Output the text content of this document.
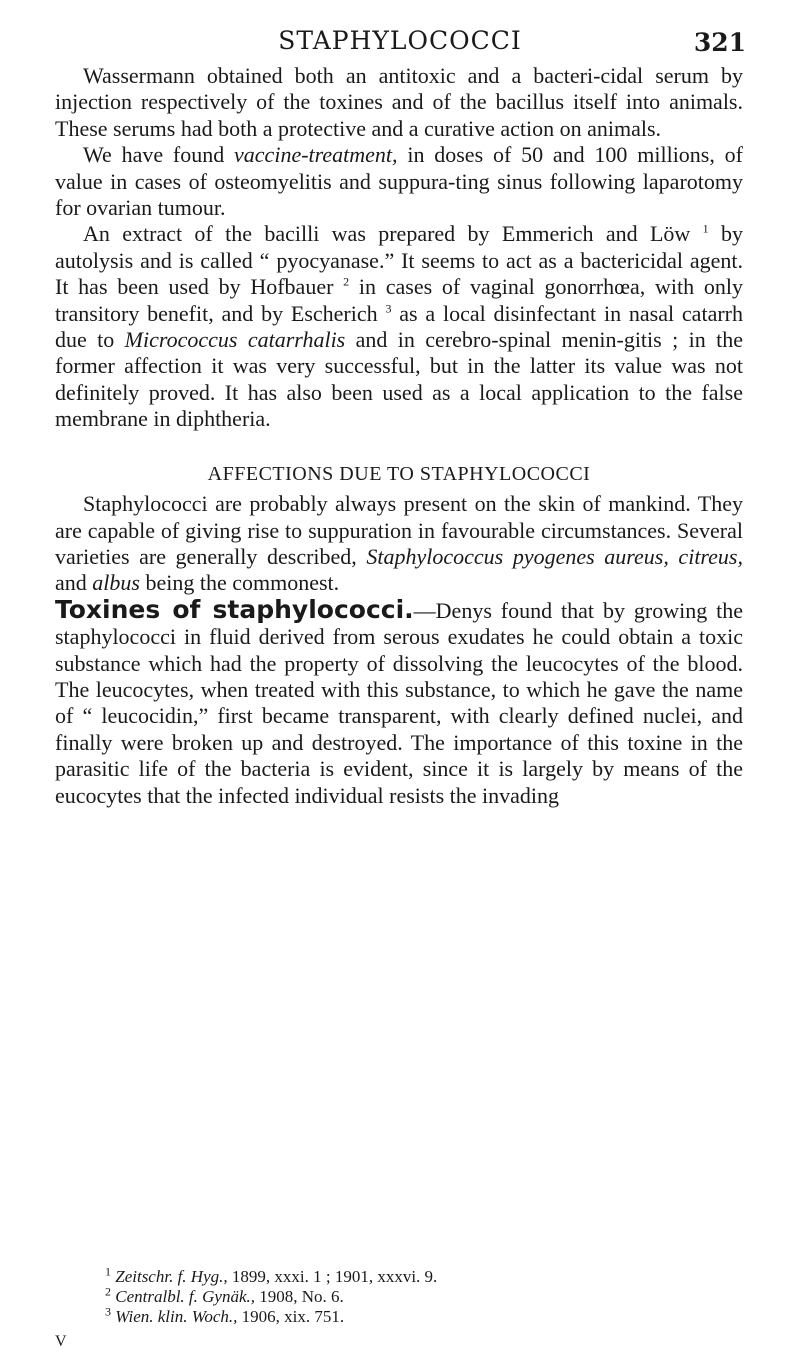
STAPHYLOCOCCI	321

Wassermann obtained both an antitoxic and a bacteri-cidal serum by injection respectively of the toxines and of the bacillus itself into animals. These serums had both a protective and a curative action on animals.

We have found vaccine-treatment, in doses of 50 and 100 millions, of value in cases of osteomyelitis and suppura-ting sinus following laparotomy for ovarian tumour.

An extract of the bacilli was prepared by Emmerich and Löw $^1$ by autolysis and is called “ pyocyanase.” It seems to act as a bactericidal agent. It has been used by Hofbauer $^2$ in cases of vaginal gonorrhœa, with only transitory benefit, and by Escherich $^3$ as a local disinfectant in nasal catarrh due to Micrococcus catarrhalis and in cerebro-spinal menin-gitis ; in the former affection it was very successful, but in the latter its value was not definitely proved. It has also been used as a local application to the false membrane in diphtheria.

AFFECTIONS DUE TO STAPHYLOCOCCI

Staphylococci are probably always present on the skin of mankind. They are capable of giving rise to suppuration in favourable circumstances. Several varieties are generally described, Staphylococcus pyogenes aureus, citreus, and albus being the commonest.

Toxines of staphylococci.—Denys found that by growing the staphylococci in fluid derived from serous exudates he could obtain a toxic substance which had the property of dissolving the leucocytes of the blood. The leucocytes, when treated with this substance, to which he gave the name of “ leucocidin,” first became transparent, with clearly defined nuclei, and finally were broken up and destroyed. The importance of this toxine in the parasitic life of the bacteria is evident, since it is largely by means of the eucocytes that the infected individual resists the invading

$^1$ Zeitschr. f. Hyg., 1899, xxxi. 1 ; 1901, xxxvi. 9.
$^2$ Centralbl. f. Gynäk., 1908, No. 6.
$^3$ Wien. klin. Woch., 1906, xix. 751.
V
